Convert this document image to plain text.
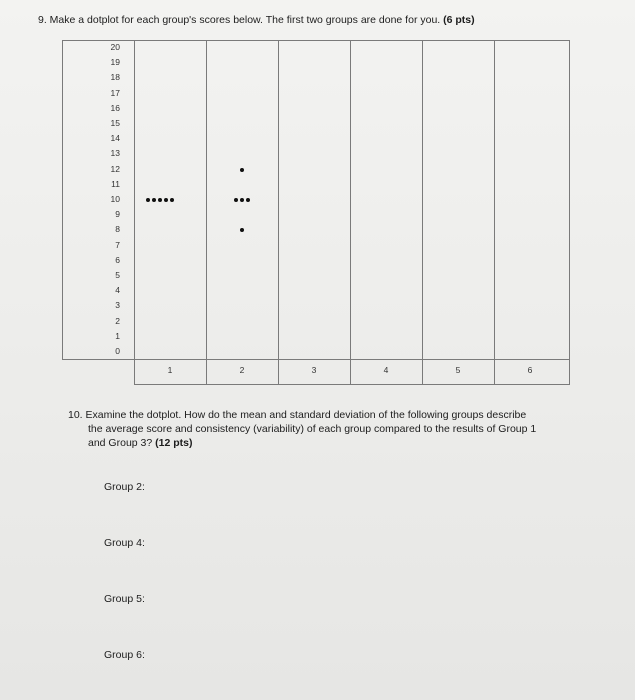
9. Make a dotplot for each group's scores below. The first two groups are done for you. (6 pts)
20
19
18
17
16
15
14
13
12
11
10
9
8
7
6
5
4
3
2
1
0
1	2	3	4	5	6
10. Examine the dotplot. How do the mean and standard deviation of the following groups describe
the average score and consistency (variability) of each group compared to the results of Group 1
and Group 3? (12 pts)
Group 2:
Group 4:
Group 5:
Group 6:
